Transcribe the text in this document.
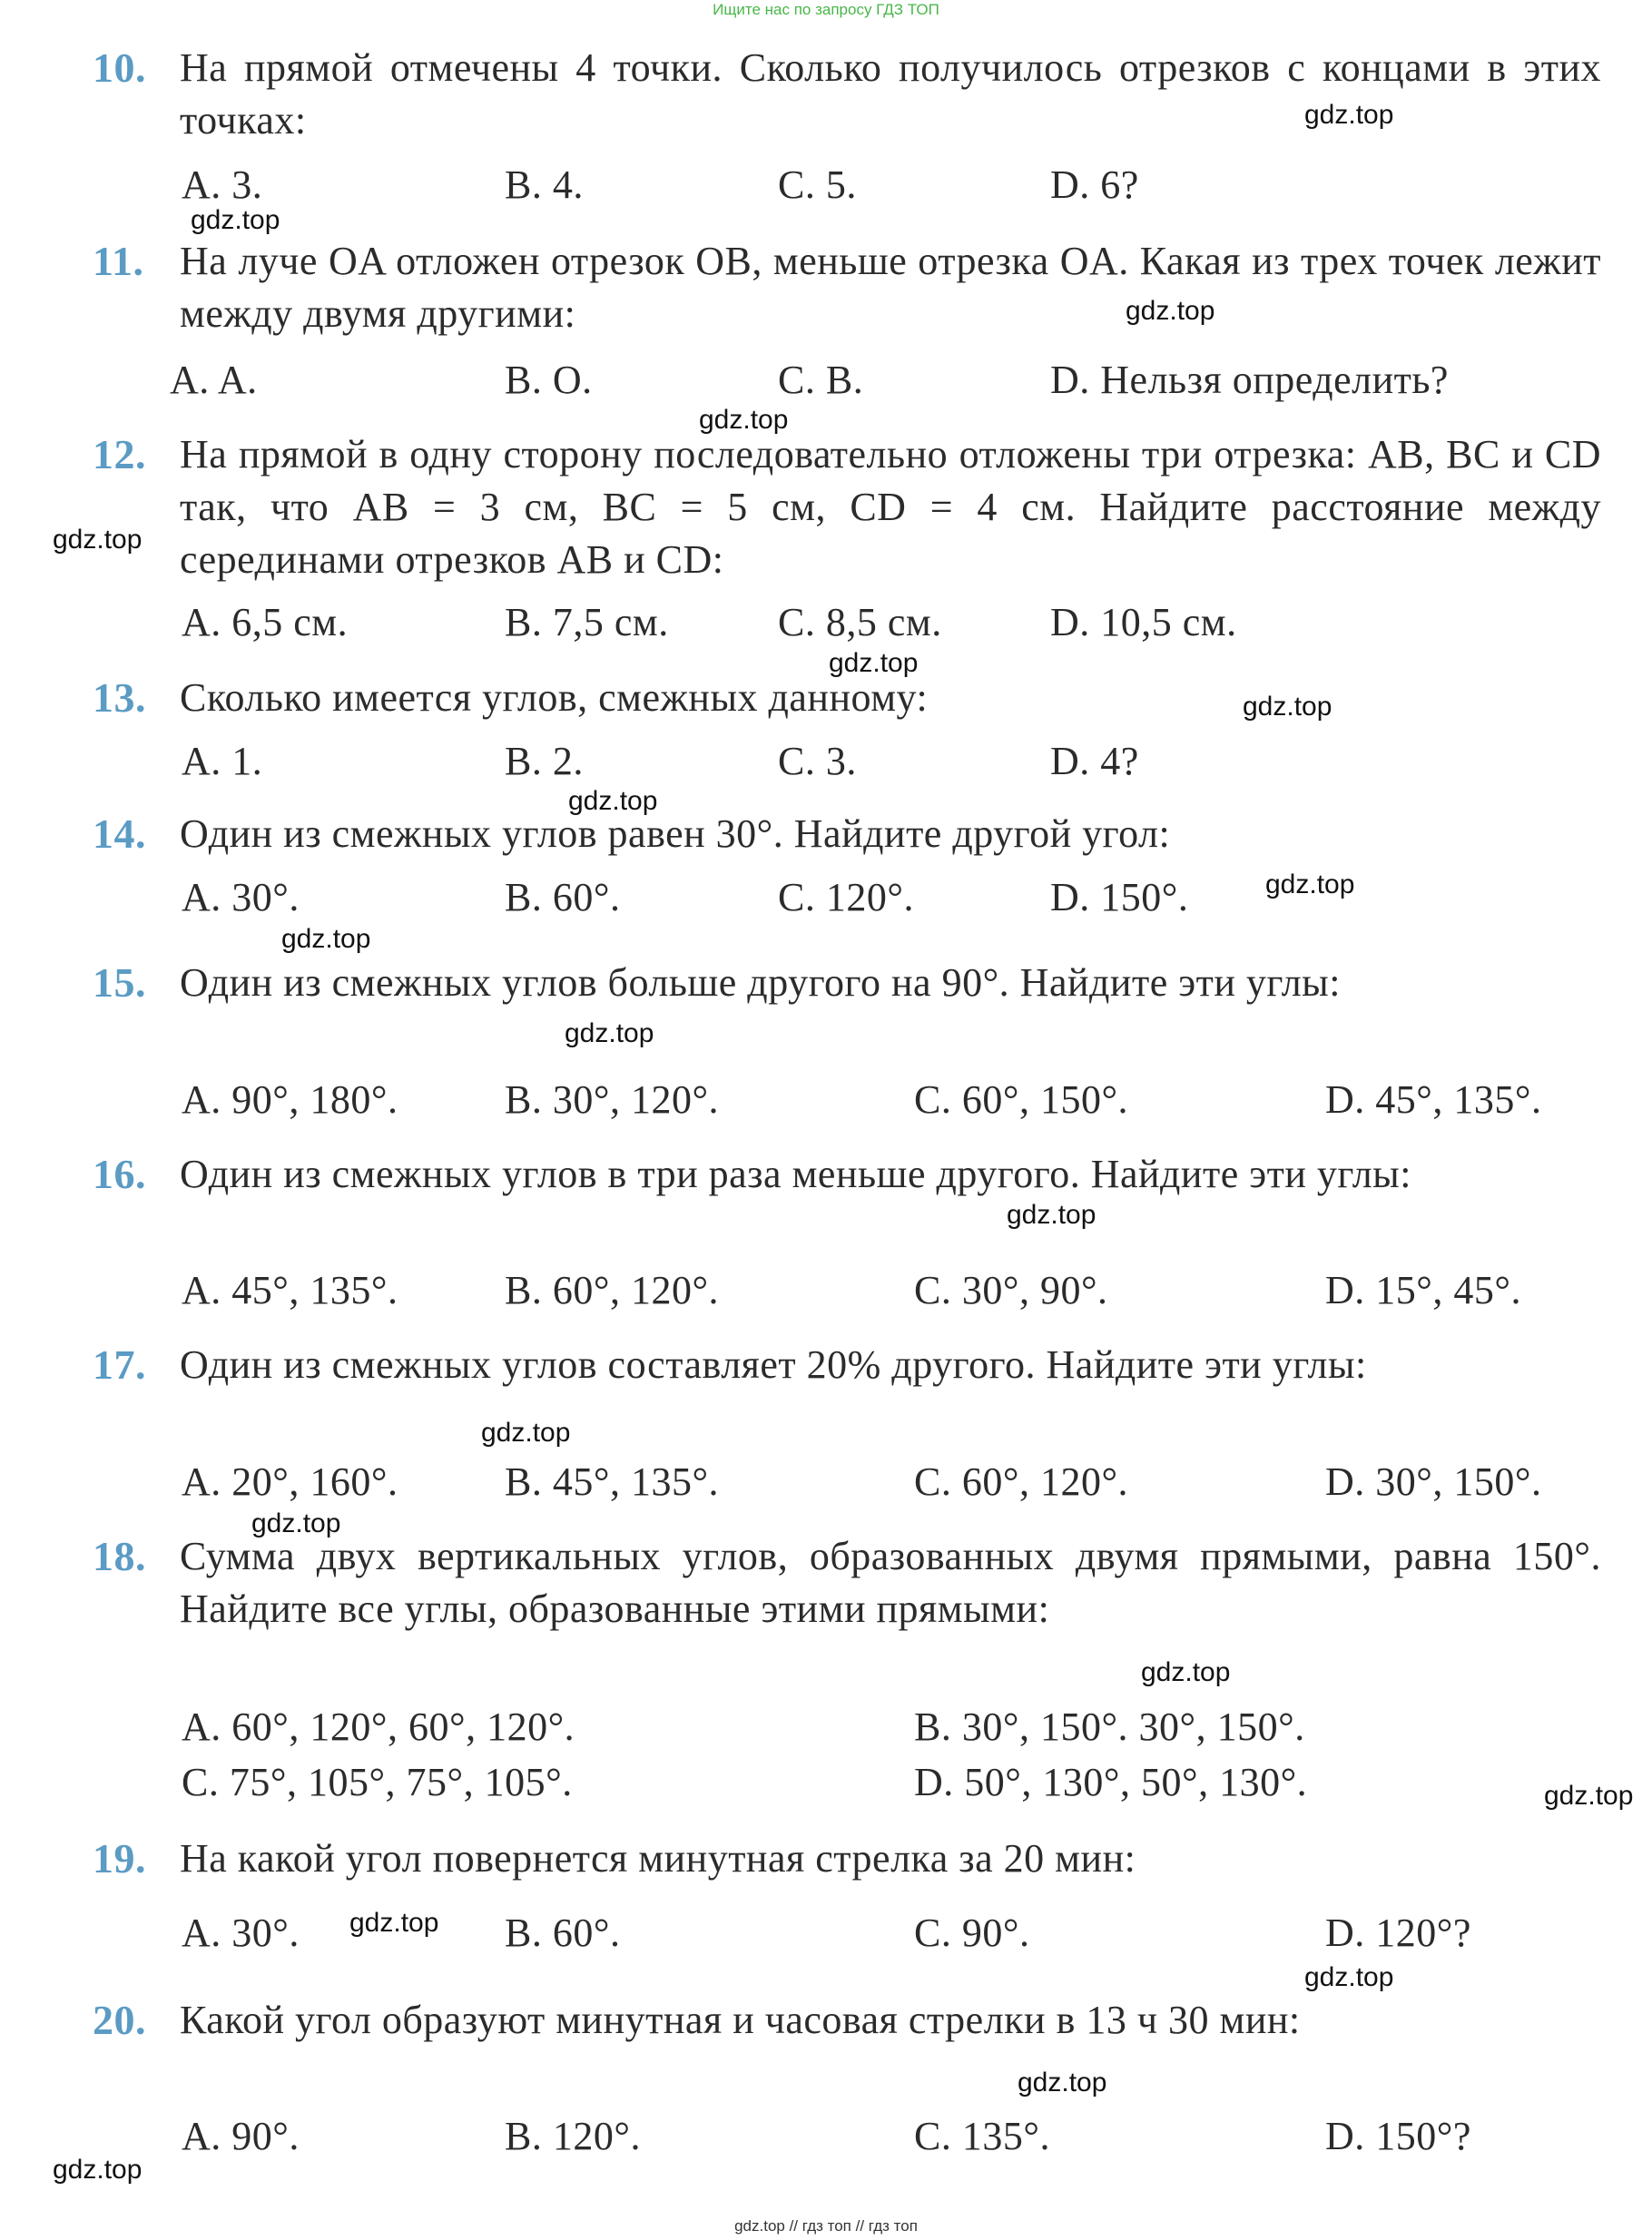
Ищите нас по запросу ГДЗ ТОП
10. На прямой отмечены 4 точки. Сколько получилось отрезков с концами в этих точках:
A. 3.	B. 4.	C. 5.	D. 6?
11. На луче OA отложен отрезок OB, меньше отрезка OA. Какая из трех точек лежит между двумя другими:
A. A.	B. O.	C. B.	D. Нельзя определить?
12. На прямой в одну сторону последовательно отложены три отрезка: AB, BC и CD так, что AB = 3 см, BC = 5 см, CD = 4 см. Найдите расстояние между серединами отрезков AB и CD:
A. 6,5 см.	B. 7,5 см.	C. 8,5 см.	D. 10,5 см.
13. Сколько имеется углов, смежных данному:
A. 1.	B. 2.	C. 3.	D. 4?
14. Один из смежных углов равен 30°. Найдите другой угол:
A. 30°.	B. 60°.	C. 120°.	D. 150°.
15. Один из смежных углов больше другого на 90°. Найдите эти углы:
A. 90°, 180°.	B. 30°, 120°.	C. 60°, 150°.	D. 45°, 135°.
16. Один из смежных углов в три раза меньше другого. Найдите эти углы:
A. 45°, 135°.	B. 60°, 120°.	C. 30°, 90°.	D. 15°, 45°.
17. Один из смежных углов составляет 20% другого. Найдите эти углы:
A. 20°, 160°.	B. 45°, 135°.	C. 60°, 120°.	D. 30°, 150°.
18. Сумма двух вертикальных углов, образованных двумя прямыми, равна 150°. Найдите все углы, образованные этими прямыми:
A. 60°, 120°, 60°, 120°.	B. 30°, 150°. 30°, 150°.
C. 75°, 105°, 75°, 105°.	D. 50°, 130°, 50°, 130°.
19. На какой угол повернется минутная стрелка за 20 мин:
A. 30°.	B. 60°.	C. 90°.	D. 120°?
20. Какой угол образуют минутная и часовая стрелки в 13 ч 30 мин:
A. 90°.	B. 120°.	C. 135°.	D. 150°?
gdz.top
gdz.top
gdz.top
gdz.top
gdz.top
gdz.top
gdz.top
gdz.top
gdz.top
gdz.top
gdz.top
gdz.top
gdz.top
gdz.top
gdz.top
gdz.top
gdz.top
gdz.top
gdz.top
gdz.top
gdz.top // гдз топ // гдз топ
